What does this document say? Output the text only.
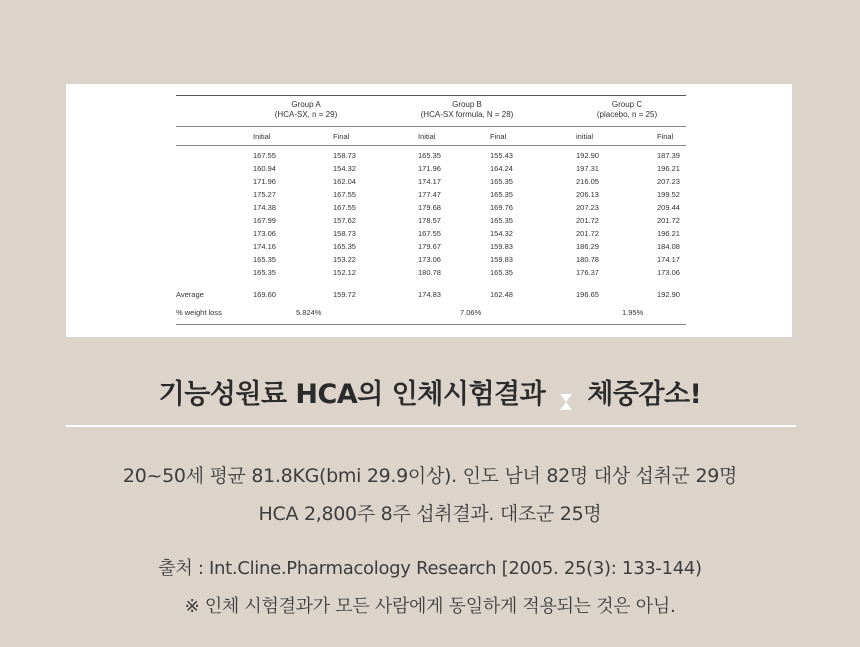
Group A
(HCA-SX, n = 29)
Group B
(HCA-SX formula, N = 28)
Group C
(placebo, n = 25)
Initial	Final	Initial	Final	initial	Final
167.55	158.73	165.35	155.43	192.90	187.39
160.94	154.32	171.96	164.24	197.31	196.21
171.96	162.04	174.17	165.35	216.05	207.23
175.27	167.55	177.47	165.35	206.13	199.52
174.38	167.55	179.68	169.76	207.23	209.44
167.99	157.62	178.57	165.35	201.72	201.72
173.06	158.73	167.55	154.32	201.72	196.21
174.16	165.35	179.67	159.83	186.29	184.08
165.35	153.22	173.06	159.83	180.78	174.17
165.35	152.12	180.78	165.35	176.37	173.06
Average	169.60	159.72	174.83	162.48	196.65	192.90
% weight loss	5.824%	7.06%	1.95%
기능성원료 HCA의 인체시험결과 체중감소!
20~50세 평균 81.8KG(bmi 29.9이상). 인도 남녀 82명 대상 섭취군 29명
HCA 2,800주 8주 섭취결과. 대조군 25명
출처 : Int.Cline.Pharmacology Research [2005. 25(3): 133-144)
※ 인체 시험결과가 모든 사람에게 동일하게 적용되는 것은 아님.
